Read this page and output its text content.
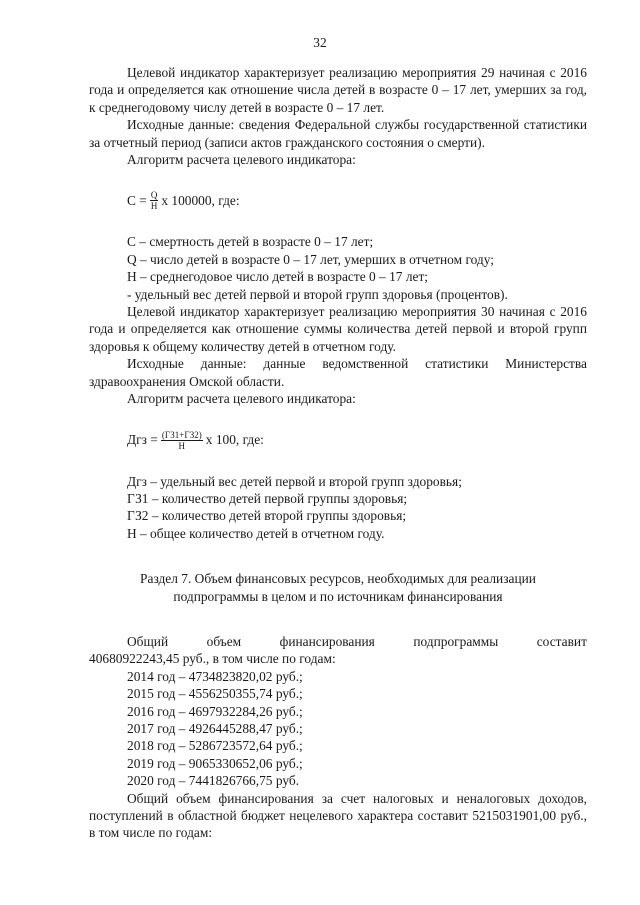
32

Целевой индикатор характеризует реализацию мероприятия 29 начиная с 2016 года и определяется как отношение числа детей в возрасте 0 – 17 лет, умерших за год, к среднегодовому числу детей в возрасте 0 – 17 лет.

Исходные данные: сведения Федеральной службы государственной статистики за отчетный период (записи актов гражданского состояния о смерти).

Алгоритм расчета целевого индикатора:

$С = \frac{Q}{Н}$ x 100000, где:

С – смертность детей в возрасте 0 – 17 лет;

Q – число детей в возрасте 0 – 17 лет, умерших в отчетном году;

Н – среднегодовое число детей в возрасте 0 – 17 лет;

- удельный вес детей первой и второй групп здоровья (процентов).

Целевой индикатор характеризует реализацию мероприятия 30 начиная с 2016 года и определяется как отношение суммы количества детей первой и второй групп здоровья к общему количеству детей в отчетном году.

Исходные данные: данные ведомственной статистики Министерства здравоохранения Омской области.

Алгоритм расчета целевого индикатора:

Дгз = $\frac{(ГЗ1+ГЗ2)}{Н}$ x 100, где:

Дгз – удельный вес детей первой и второй групп здоровья;

ГЗ1 – количество детей первой группы здоровья;

ГЗ2 – количество детей второй группы здоровья;

Н – общее количество детей в отчетном году.

Раздел 7. Объем финансовых ресурсов, необходимых для реализации

подпрограммы в целом и по источникам финансирования

Общий	объем	финансирования	подпрограммы	составит

40680922243,45 руб., в том числе по годам:

2014 год – 4734823820,02 руб.;

2015 год – 4556250355,74 руб.;

2016 год – 4697932284,26 руб.;

2017 год – 4926445288,47 руб.;

2018 год – 5286723572,64 руб.;

2019 год – 9065330652,06 руб.;

2020 год – 7441826766,75 руб.

Общий объем финансирования за счет налоговых и неналоговых доходов, поступлений в областной бюджет нецелевого характера составит 5215031901,00 руб., в том числе по годам:
